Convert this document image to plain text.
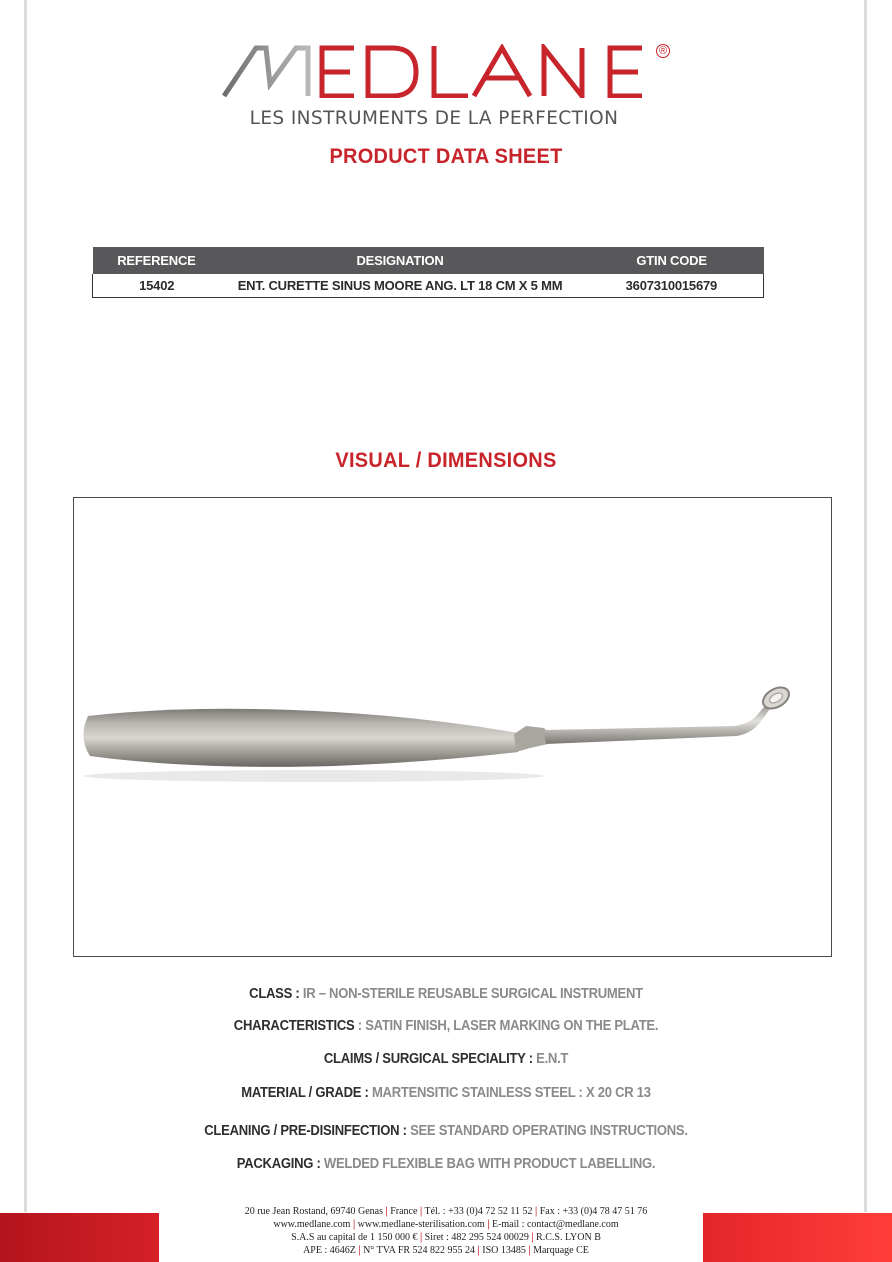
®
LES INSTRUMENTS DE LA PERFECTION
PRODUCT DATA SHEET
REFERENCE	DESIGNATION	GTIN CODE
15402	ENT. CURETTE SINUS MOORE ANG. LT 18 CM X 5 MM	3607310015679
VISUAL / DIMENSIONS
CLASS : IR – NON-STERILE REUSABLE SURGICAL INSTRUMENT
CHARACTERISTICS : SATIN FINISH, LASER MARKING ON THE PLATE.
CLAIMS / SURGICAL SPECIALITY : E.N.T
MATERIAL / GRADE : MARTENSITIC STAINLESS STEEL : X 20 CR 13
CLEANING / PRE-DISINFECTION : SEE STANDARD OPERATING INSTRUCTIONS.
PACKAGING : WELDED FLEXIBLE BAG WITH PRODUCT LABELLING.
20 rue Jean Rostand, 69740 Genas | France | Tél. : +33 (0)4 72 52 11 52 | Fax : +33 (0)4 78 47 51 76
www.medlane.com | www.medlane-sterilisation.com | E-mail : contact@medlane.com
S.A.S au capital de 1 150 000 € | Siret : 482 295 524 00029 | R.C.S. LYON B
APE : 4646Z | N° TVA FR 524 822 955 24 | ISO 13485 | Marquage CE
